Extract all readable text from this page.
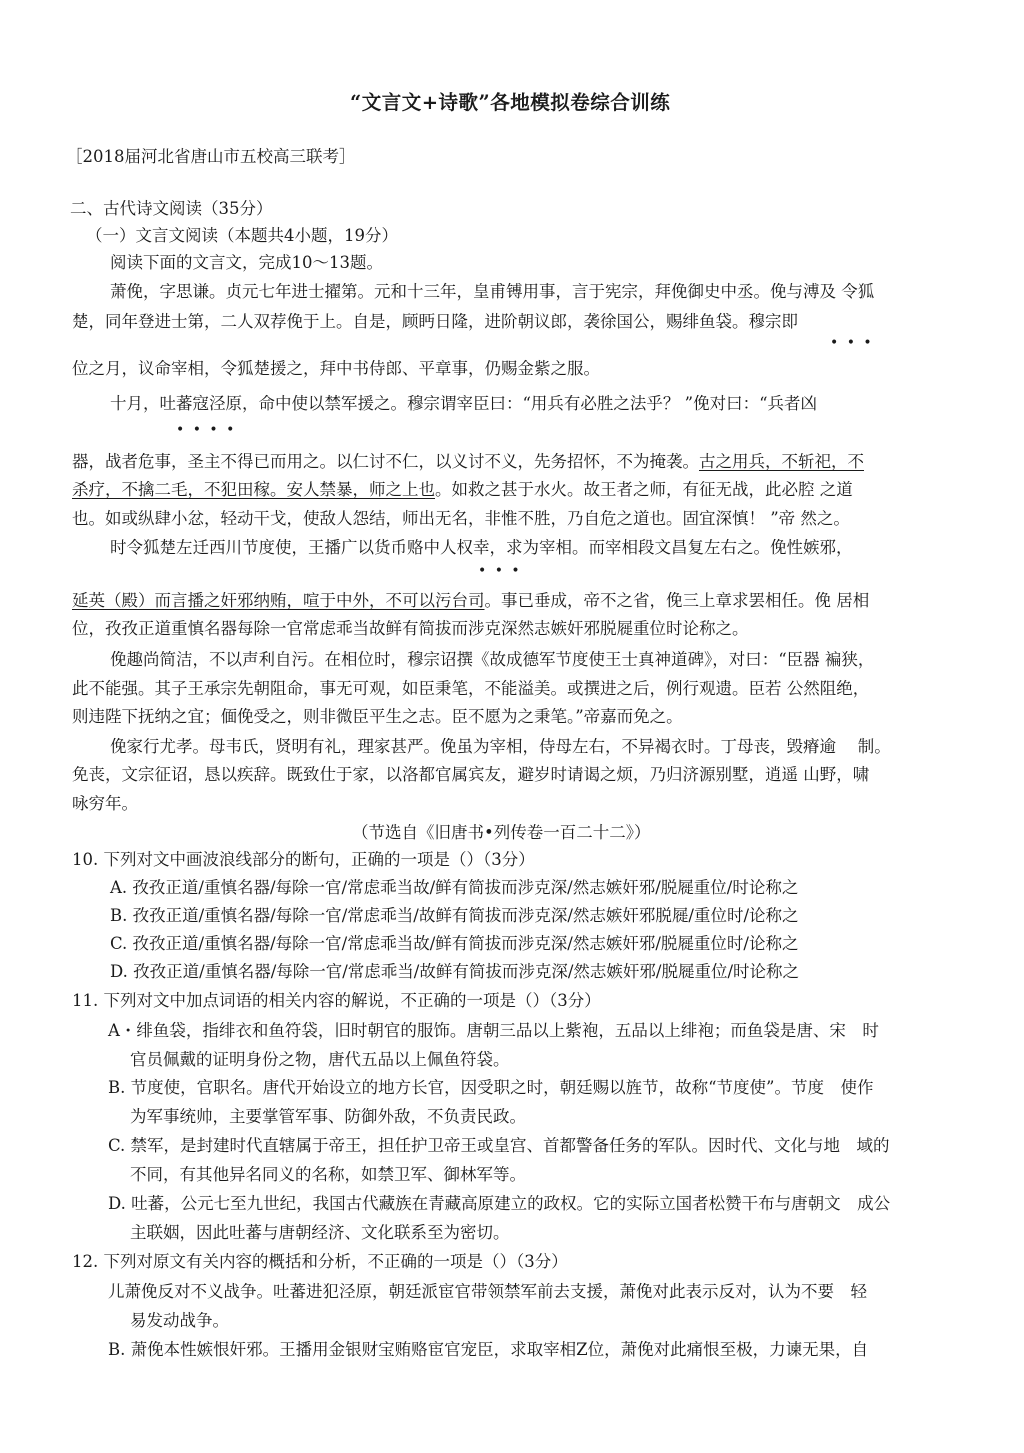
“文言文+诗歌”各地模拟卷综合训练
［2018届河北省唐山市五校高三联考］
二、古代诗文阅读（35分）
（一）文言文阅读（本题共4小题，19分）
阅读下面的文言文，完成10～13题。
萧俛，字思谦。贞元七年进士擢第。元和十三年，皇甫镈用事，言于宪宗，拜俛御史中丞。俛与溥及 令狐
楚，同年登进士第，二人双荐俛于上。自是，顾眄日隆，进阶朝议郎，袭徐国公，赐绯鱼袋。穆宗即
• • •
位之月，议命宰相，令狐楚援之，拜中书侍郎、平章事，仍赐金紫之服。
十月，吐蕃寇泾原，命中使以禁军援之。穆宗谓宰臣曰：“用兵有必胜之法乎？ ”俛对曰：“兵者凶
• • • •
器，战者危事，圣主不得已而用之。以仁讨不仁，以义讨不义，先务招怀，不为掩袭。古之用兵，不斩祀，不
杀疗，不擒二毛，不犯田稼。安人禁暴，师之上也。如救之甚于水火。故王者之师，有征无战，此必腔 之道
也。如或纵肆小忿，轻动干戈，使敌人怨结，师出无名，非惟不胜，乃自危之道也。固宜深慎！ ”帝 然之。
时令狐楚左迁西川节度使，王播广以货币赂中人权幸，求为宰相。而宰相段文昌复左右之。俛性嫉邪，
• • •
延英（殿）而言播之奸邪纳贿，喧于中外，不可以污台司。事已垂成，帝不之省，俛三上章求罢相任。俛 居相
位，孜孜正道重慎名器每除一官常虑乖当故鲜有简拔而涉克深然志嫉奸邪脱屣重位时论称之。
俛趣尚简洁，不以声利自污。在相位时，穆宗诏撰《故成德军节度使王士真神道碑》，对曰：“臣器 褊狭，
此不能强。其子王承宗先朝阻命，事无可观，如臣秉笔，不能溢美。或撰进之后，例行观遗。臣若 公然阻绝，
则违陛下抚纳之宜；偭俛受之，则非微臣平生之志。臣不愿为之秉笔。”帝嘉而免之。
俛家行尤孝。母韦氏，贤明有礼，理家甚严。俛虽为宰相，侍母左右，不异褐衣时。丁母丧，毁瘠逾 　制。
免丧，文宗征诏，恳以疾辞。既致仕于家，以洛都官属宾友，避岁时请谒之烦，乃归济源别墅，逍遥 山野，啸
咏穷年。
（节选自《旧唐书•列传卷一百二十二》）
10. 下列对文中画波浪线部分的断句，正确的一项是（）（3分）
A. 孜孜正道/重慎名器/每除一官/常虑乖当故/鲜有简拔而涉克深/然志嫉奸邪/脱屣重位/时论称之
B. 孜孜正道/重慎名器/每除一官/常虑乖当/故鲜有简拔而涉克深/然志嫉奸邪脱屣/重位时/论称之
C. 孜孜正道/重慎名器/每除一官/常虑乖当故/鲜有简拔而涉克深/然志嫉奸邪/脱屣重位时/论称之
D. 孜孜正道/重慎名器/每除一官/常虑乖当/故鲜有简拔而涉克深/然志嫉奸邪/脱屣重位/时论称之
11. 下列对文中加点词语的相关内容的解说，不正确的一项是（）（3分）
A・绯鱼袋，指绯衣和鱼符袋，旧时朝官的服饰。唐朝三品以上紫袍，五品以上绯袍；而鱼袋是唐、宋　时
官员佩戴的证明身份之物，唐代五品以上佩鱼符袋。
B. 节度使，官职名。唐代开始设立的地方长官，因受职之时，朝廷赐以旌节，故称“节度使”。节度　使作
为军事统帅，主要掌管军事、防御外敌，不负责民政。
C. 禁军，是封建时代直辖属于帝王，担任护卫帝王或皇宫、首都警备任务的军队。因时代、文化与地　域的
不同，有其他异名同义的名称，如禁卫军、御林军等。
D. 吐蕃，公元七至九世纪，我国古代藏族在青藏高原建立的政权。它的实际立国者松赞干布与唐朝文　成公
主联姻，因此吐蕃与唐朝经济、文化联系至为密切。
12. 下列对原文有关内容的概括和分析，不正确的一项是（）（3分）
儿萧俛反对不义战争。吐蕃进犯泾原，朝廷派宦官带领禁军前去支援，萧俛对此表示反对，认为不要　轻
易发动战争。
B. 萧俛本性嫉恨奸邪。王播用金银财宝贿赂宦官宠臣，求取宰相Z位，萧俛对此痛恨至极，力谏无果，自
